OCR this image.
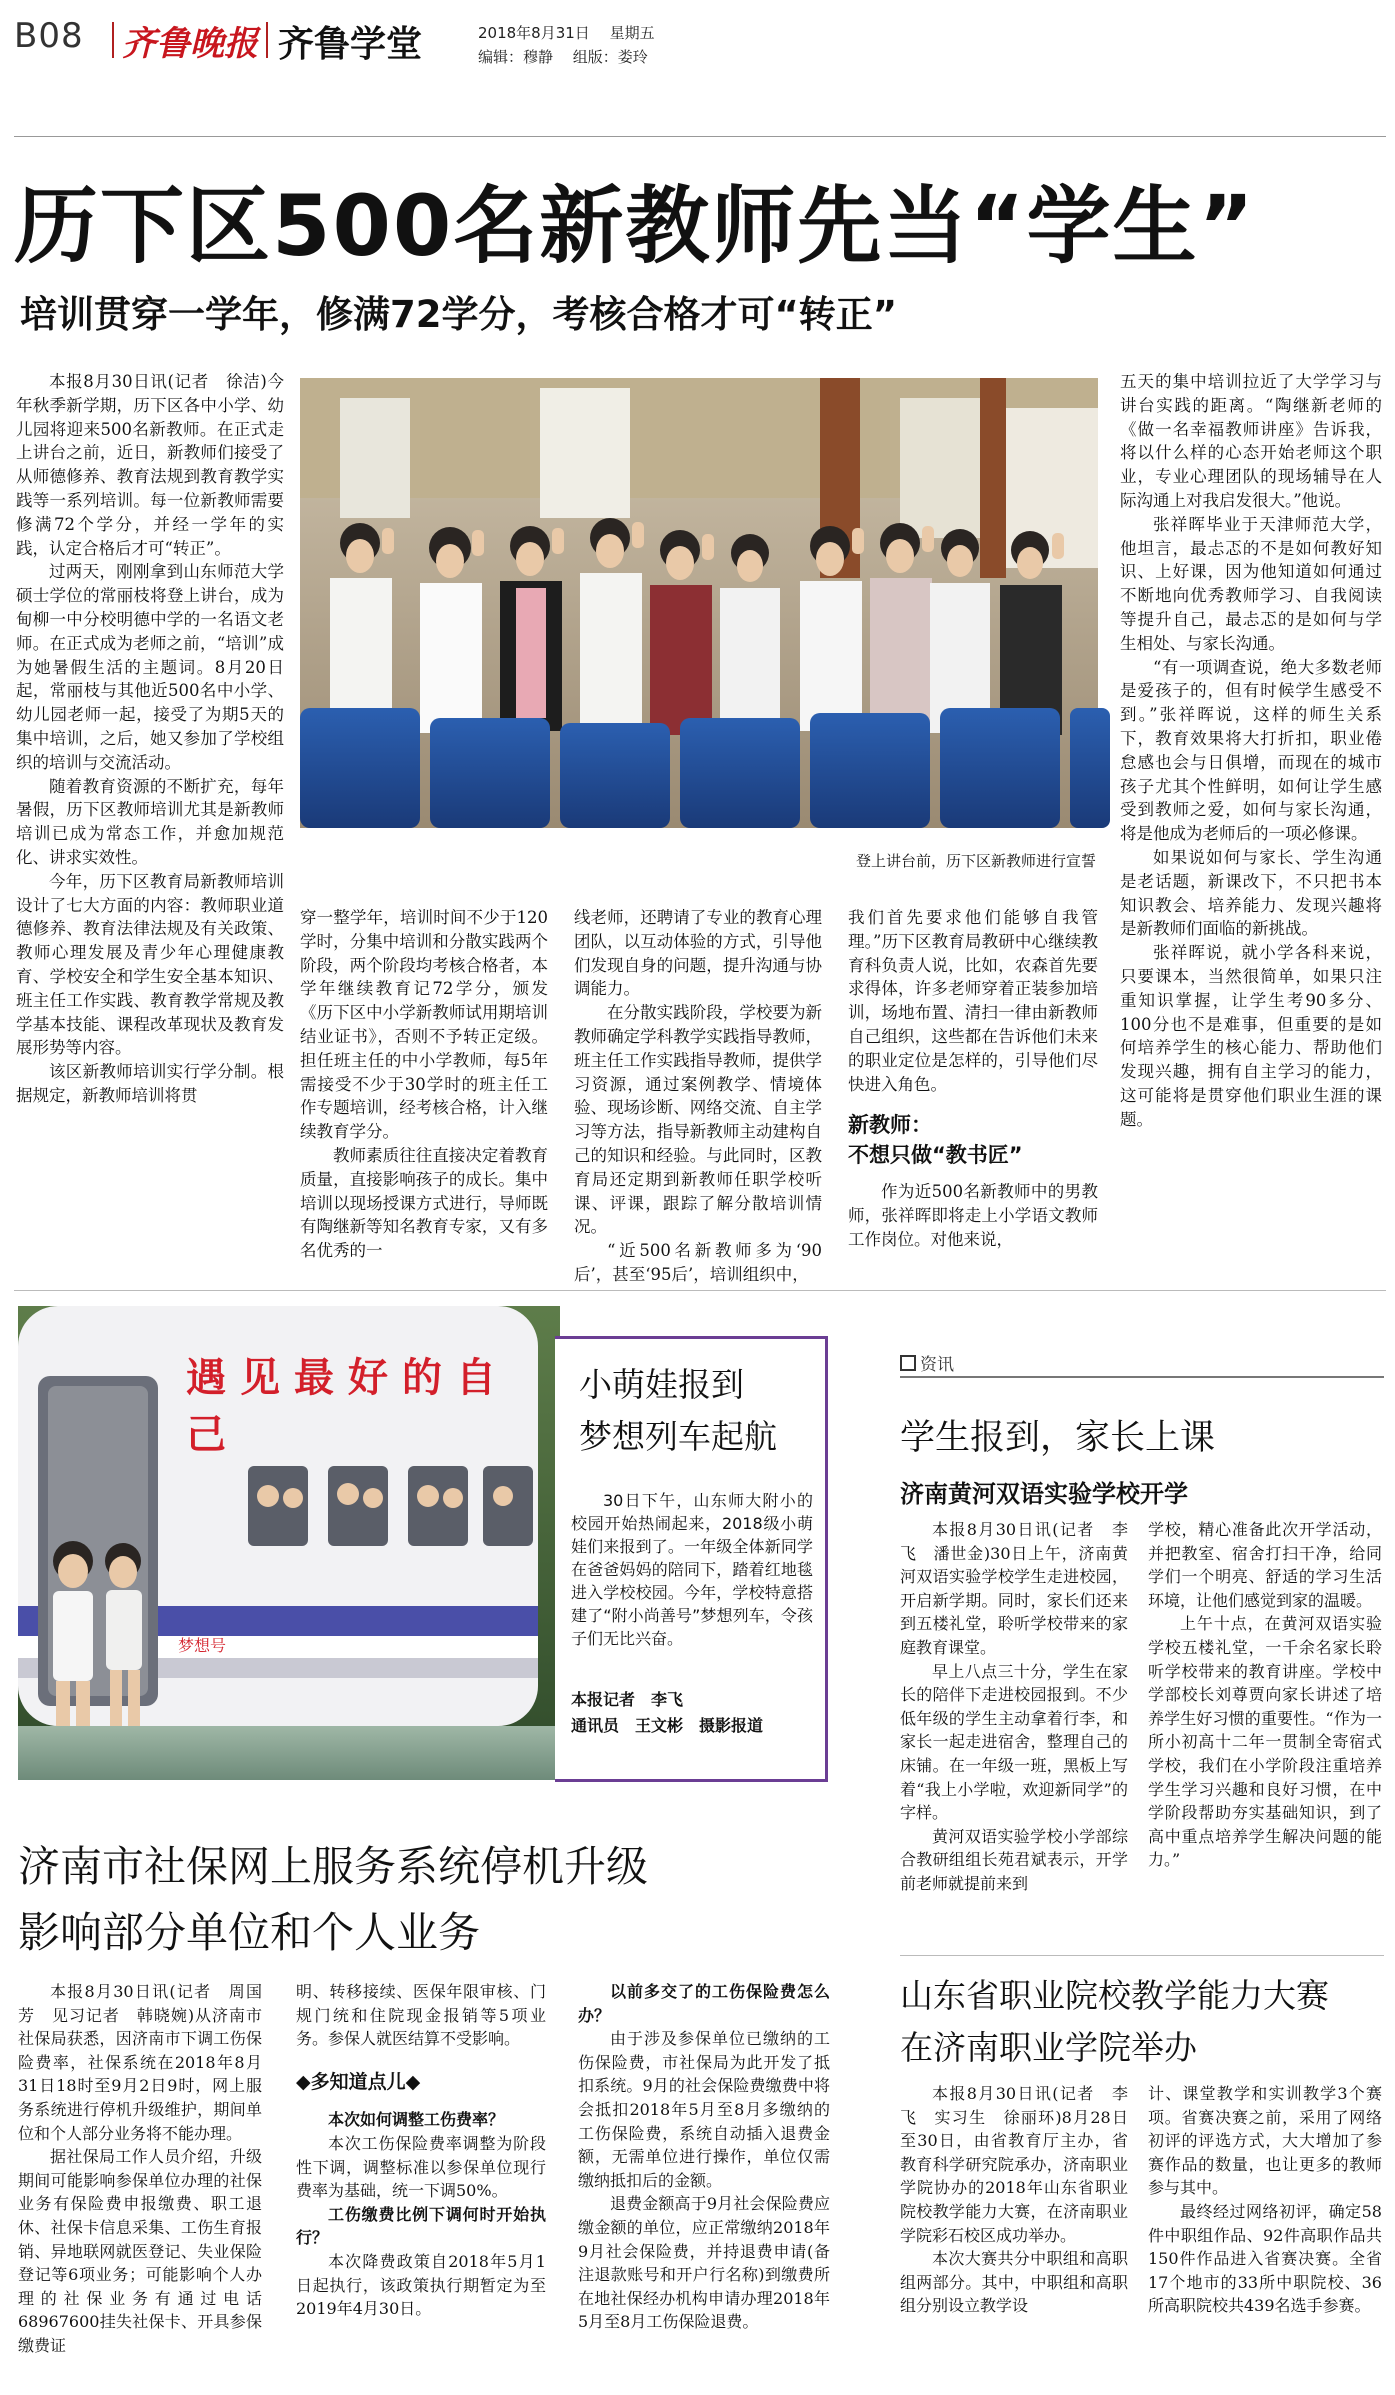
B08 齐鲁晚报 齐鲁学堂	2018年8月31日　 星期五
编辑：穆静　 组版：娄玲
历下区500名新教师先当“学生”
培训贯穿一学年，修满72学分，考核合格才可“转正”

本报8月30日讯(记者　徐洁)今年秋季新学期，历下区各中小学、幼儿园将迎来500名新教师。在正式走上讲台之前，近日，新教师们接受了从师德修养、教育法规到教育教学实践等一系列培训。每一位新教师需要修满72个学分，并经一学年的实践，认定合格后才可“转正”。

过两天，刚刚拿到山东师范大学硕士学位的常丽枝将登上讲台，成为甸柳一中分校明德中学的一名语文老师。在正式成为老师之前，“培训”成为她暑假生活的主题词。8月20日起，常丽枝与其他近500名中小学、幼儿园老师一起，接受了为期5天的集中培训，之后，她又参加了学校组织的培训与交流活动。

随着教育资源的不断扩充，每年暑假，历下区教师培训尤其是新教师培训已成为常态工作，并愈加规范化、讲求实效性。

今年，历下区教育局新教师培训设计了七大方面的内容：教师职业道德修养、教育法律法规及有关政策、教师心理发展及青少年心理健康教育、学校安全和学生安全基本知识、班主任工作实践、教育教学常规及教学基本技能、课程改革现状及教育发展形势等内容。

该区新教师培训实行学分制。根据规定，新教师培训将贯

登上讲台前，历下区新教师进行宣誓

穿一整学年，培训时间不少于120学时，分集中培训和分散实践两个阶段，两个阶段均考核合格者，本学年继续教育记72学分，颁发《历下区中小学新教师试用期培训结业证书》，否则不予转正定级。担任班主任的中小学教师，每5年需接受不少于30学时的班主任工作专题培训，经考核合格，计入继续教育学分。

教师素质往往直接决定着教育质量，直接影响孩子的成长。集中培训以现场授课方式进行，导师既有陶继新等知名教育专家，又有多名优秀的一

线老师，还聘请了专业的教育心理团队，以互动体验的方式，引导他们发现自身的问题，提升沟通与协调能力。

在分散实践阶段，学校要为新教师确定学科教学实践指导教师，班主任工作实践指导教师，提供学习资源，通过案例教学、情境体验、现场诊断、网络交流、自主学习等方法，指导新教师主动建构自己的知识和经验。与此同时，区教育局还定期到新教师任职学校听课、评课，跟踪了解分散培训情况。

“近500名新教师多为‘90后’，甚至‘95后’，培训组织中，

我们首先要求他们能够自我管理。”历下区教育局教研中心继续教育科负责人说，比如，农森首先要求得体，许多老师穿着正装参加培训，场地布置、清扫一律由新教师自己组织，这些都在告诉他们未来的职业定位是怎样的，引导他们尽快进入角色。

新教师：
不想只做“教书匠”

作为近500名新教师中的男教师，张祥晖即将走上小学语文教师工作岗位。对他来说，

五天的集中培训拉近了大学学习与讲台实践的距离。“陶继新老师的《做一名幸福教师讲座》告诉我，将以什么样的心态开始老师这个职业，专业心理团队的现场辅导在人际沟通上对我启发很大。”他说。

张祥晖毕业于天津师范大学，他坦言，最忐忑的不是如何教好知识、上好课，因为他知道如何通过不断地向优秀教师学习、自我阅读等提升自己，最忐忑的是如何与学生相处、与家长沟通。

“有一项调查说，绝大多数老师是爱孩子的，但有时候学生感受不到。”张祥晖说，这样的师生关系下，教育效果将大打折扣，职业倦怠感也会与日俱增，而现在的城市孩子尤其个性鲜明，如何让学生感受到教师之爱，如何与家长沟通，将是他成为老师后的一项必修课。

如果说如何与家长、学生沟通是老话题，新课改下，不只把书本知识教会、培养能力、发现兴趣将是新教师们面临的新挑战。

张祥晖说，就小学各科来说，只要课本，当然很简单，如果只注重知识掌握，让学生考90多分、100分也不是难事，但重要的是如何培养学生的核心能力、帮助他们发现兴趣，拥有自主学习的能力，这可能将是贯穿他们职业生涯的课题。

梦想号
遇见最好的自己
小萌娃报到
梦想列车起航

30日下午，山东师大附小的校园开始热闹起来，2018级小萌娃们来报到了。一年级全体新同学在爸爸妈妈的陪同下，踏着红地毯进入学校校园。今年，学校特意搭建了“附小尚善号”梦想列车，令孩子们无比兴奋。

本报记者　李飞
通讯员　王文彬　摄影报道
资讯
学生报到，家长上课
济南黄河双语实验学校开学

本报8月30日讯(记者　李飞　潘世金)30日上午，济南黄河双语实验学校学生走进校园，开启新学期。同时，家长们还来到五楼礼堂，聆听学校带来的家庭教育课堂。

早上八点三十分，学生在家长的陪伴下走进校园报到。不少低年级的学生主动拿着行李，和家长一起走进宿舍，整理自己的床铺。在一年级一班，黑板上写着“我上小学啦，欢迎新同学”的字样。

黄河双语实验学校小学部综合教研组组长苑君斌表示，开学前老师就提前来到

学校，精心准备此次开学活动，并把教室、宿舍打扫干净，给同学们一个明亮、舒适的学习生活环境，让他们感觉到家的温暖。

上午十点，在黄河双语实验学校五楼礼堂，一千余名家长聆听学校带来的教育讲座。学校中学部校长刘尊贾向家长讲述了培养学生好习惯的重要性。“作为一所小初高十二年一贯制全寄宿式学校，我们在小学阶段注重培养学生学习兴趣和良好习惯，在中学阶段帮助夯实基础知识，到了高中重点培养学生解决问题的能力。”

山东省职业院校教学能力大赛
在济南职业学院举办

本报8月30日讯(记者　李飞　实习生　徐丽环)8月28日至30日，由省教育厅主办，省教育科学研究院承办，济南职业学院协办的2018年山东省职业院校教学能力大赛，在济南职业学院彩石校区成功举办。

本次大赛共分中职组和高职组两部分。其中，中职组和高职组分别设立教学设

计、课堂教学和实训教学3个赛项。省赛决赛之前，采用了网络初评的评选方式，大大增加了参赛作品的数量，也让更多的教师参与其中。

最终经过网络初评，确定58件中职组作品、92件高职作品共150件作品进入省赛决赛。全省17个地市的33所中职院校、36所高职院校共439名选手参赛。

济南市社保网上服务系统停机升级
影响部分单位和个人业务

本报8月30日讯(记者　周国芳　见习记者　韩晓婉)从济南市社保局获悉，因济南市下调工伤保险费率，社保系统在2018年8月31日18时至9月2日9时，网上服务系统进行停机升级维护，期间单位和个人部分业务将不能办理。

据社保局工作人员介绍，升级期间可能影响参保单位办理的社保业务有保险费申报缴费、职工退休、社保卡信息采集、工伤生育报销、异地联网就医登记、失业保险登记等6项业务；可能影响个人办理的社保业务有通过电话68967600挂失社保卡、开具参保缴费证

明、转移接续、医保年限审核、门规门统和住院现金报销等5项业务。参保人就医结算不受影响。

◆多知道点儿◆
本次如何调整工伤费率？

本次工伤保险费率调整为阶段性下调，调整标准以参保单位现行费率为基础，统一下调50%。

工伤缴费比例下调何时开始执行？

本次降费政策自2018年5月1日起执行，该政策执行期暂定为至2019年4月30日。

以前多交了的工伤保险费怎么办？

由于涉及参保单位已缴纳的工伤保险费，市社保局为此开发了抵扣系统。9月的社会保险费缴费中将会抵扣2018年5月至8月多缴纳的工伤保险费，系统自动插入退费金额，无需单位进行操作，单位仅需缴纳抵扣后的金额。

退费金额高于9月社会保险费应缴金额的单位，应正常缴纳2018年9月社会保险费，并持退费申请(备注退款账号和开户行名称)到缴费所在地社保经办机构申请办理2018年5月至8月工伤保险退费。
